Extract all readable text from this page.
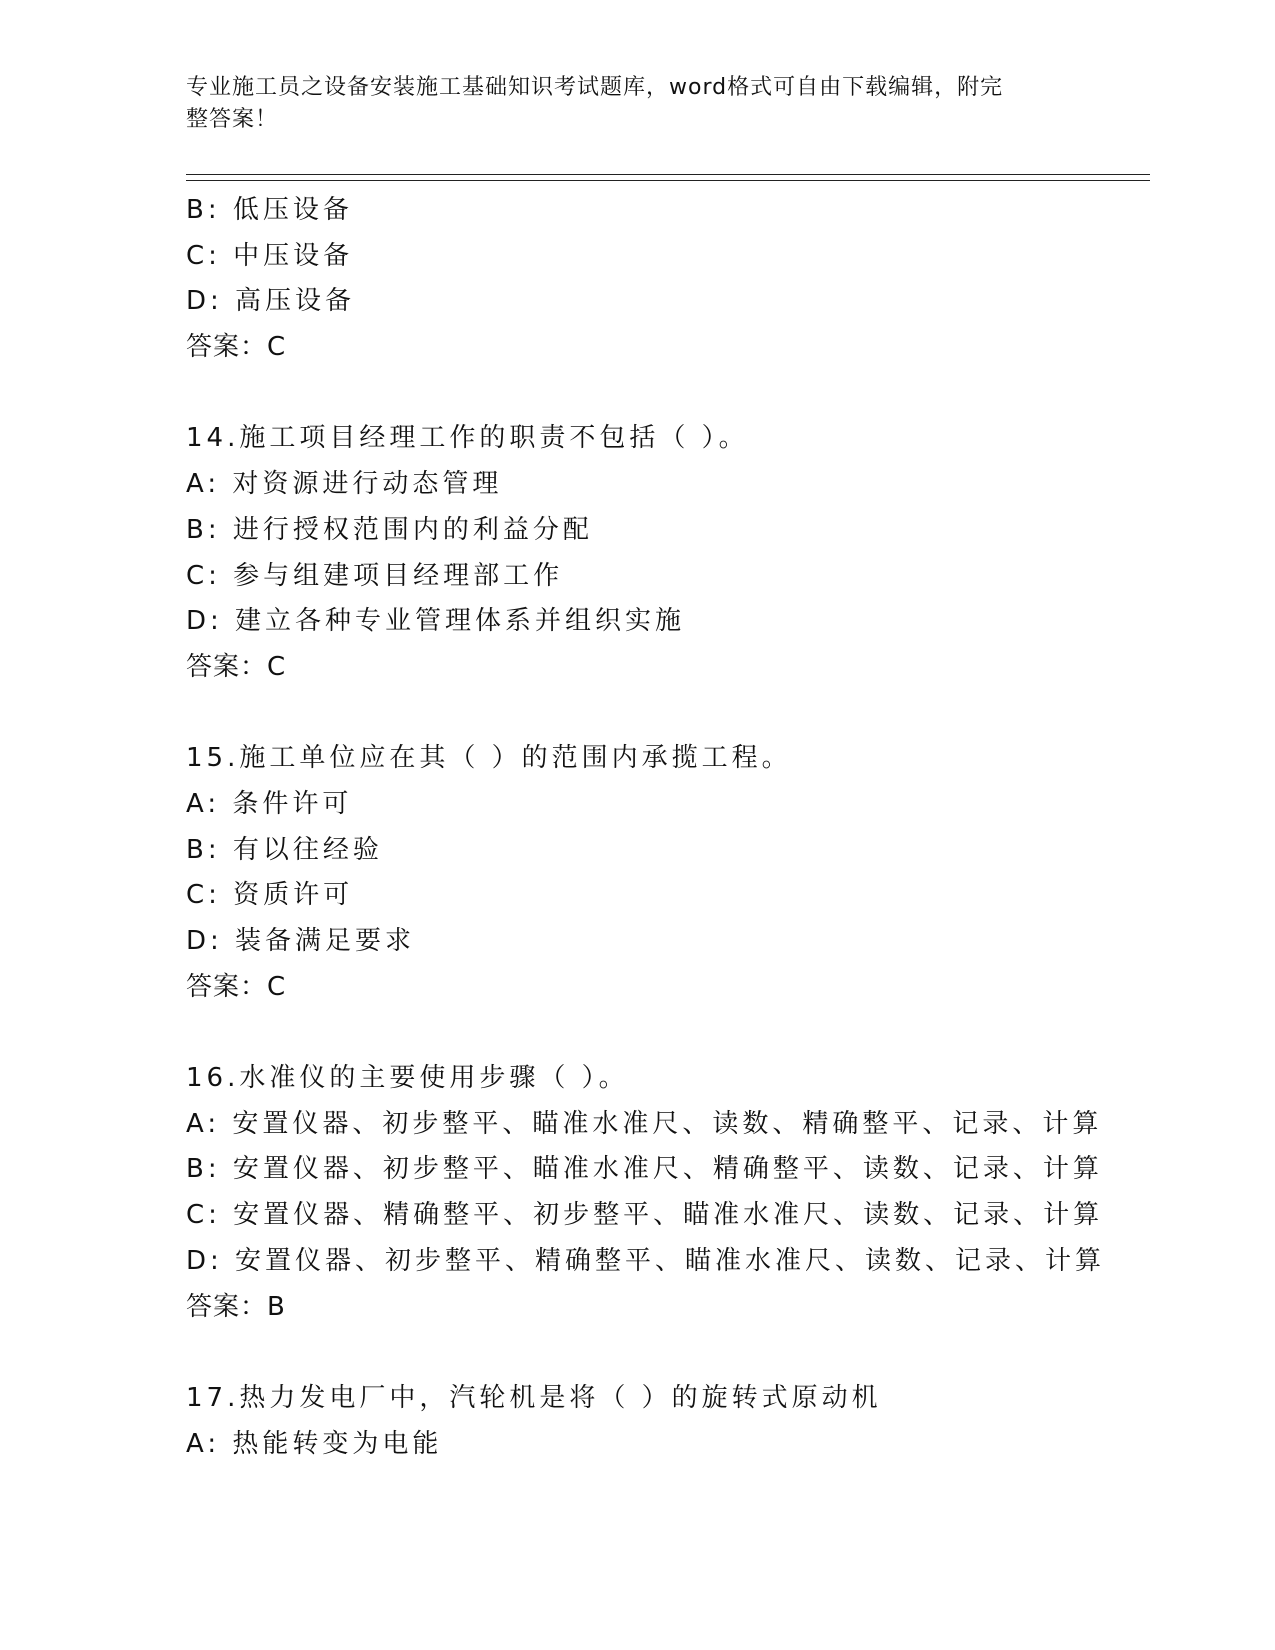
专业施工员之设备安装施工基础知识考试题库，word格式可自由下载编辑，附完
整答案！
B: 低压设备
C: 中压设备
D: 高压设备
答案：C
14.施工项目经理工作的职责不包括（ ）。
A: 对资源进行动态管理
B: 进行授权范围内的利益分配
C: 参与组建项目经理部工作
D: 建立各种专业管理体系并组织实施
答案：C
15.施工单位应在其（ ）的范围内承揽工程。
A: 条件许可
B: 有以往经验
C: 资质许可
D: 装备满足要求
答案：C
16.水准仪的主要使用步骤（ ）。
A: 安置仪器、初步整平、瞄准水准尺、读数、精确整平、记录、计算
B: 安置仪器、初步整平、瞄准水准尺、精确整平、读数、记录、计算
C: 安置仪器、精确整平、初步整平、瞄准水准尺、读数、记录、计算
D: 安置仪器、初步整平、精确整平、瞄准水准尺、读数、记录、计算
答案：B
17.热力发电厂中，汽轮机是将（ ）的旋转式原动机
A: 热能转变为电能
